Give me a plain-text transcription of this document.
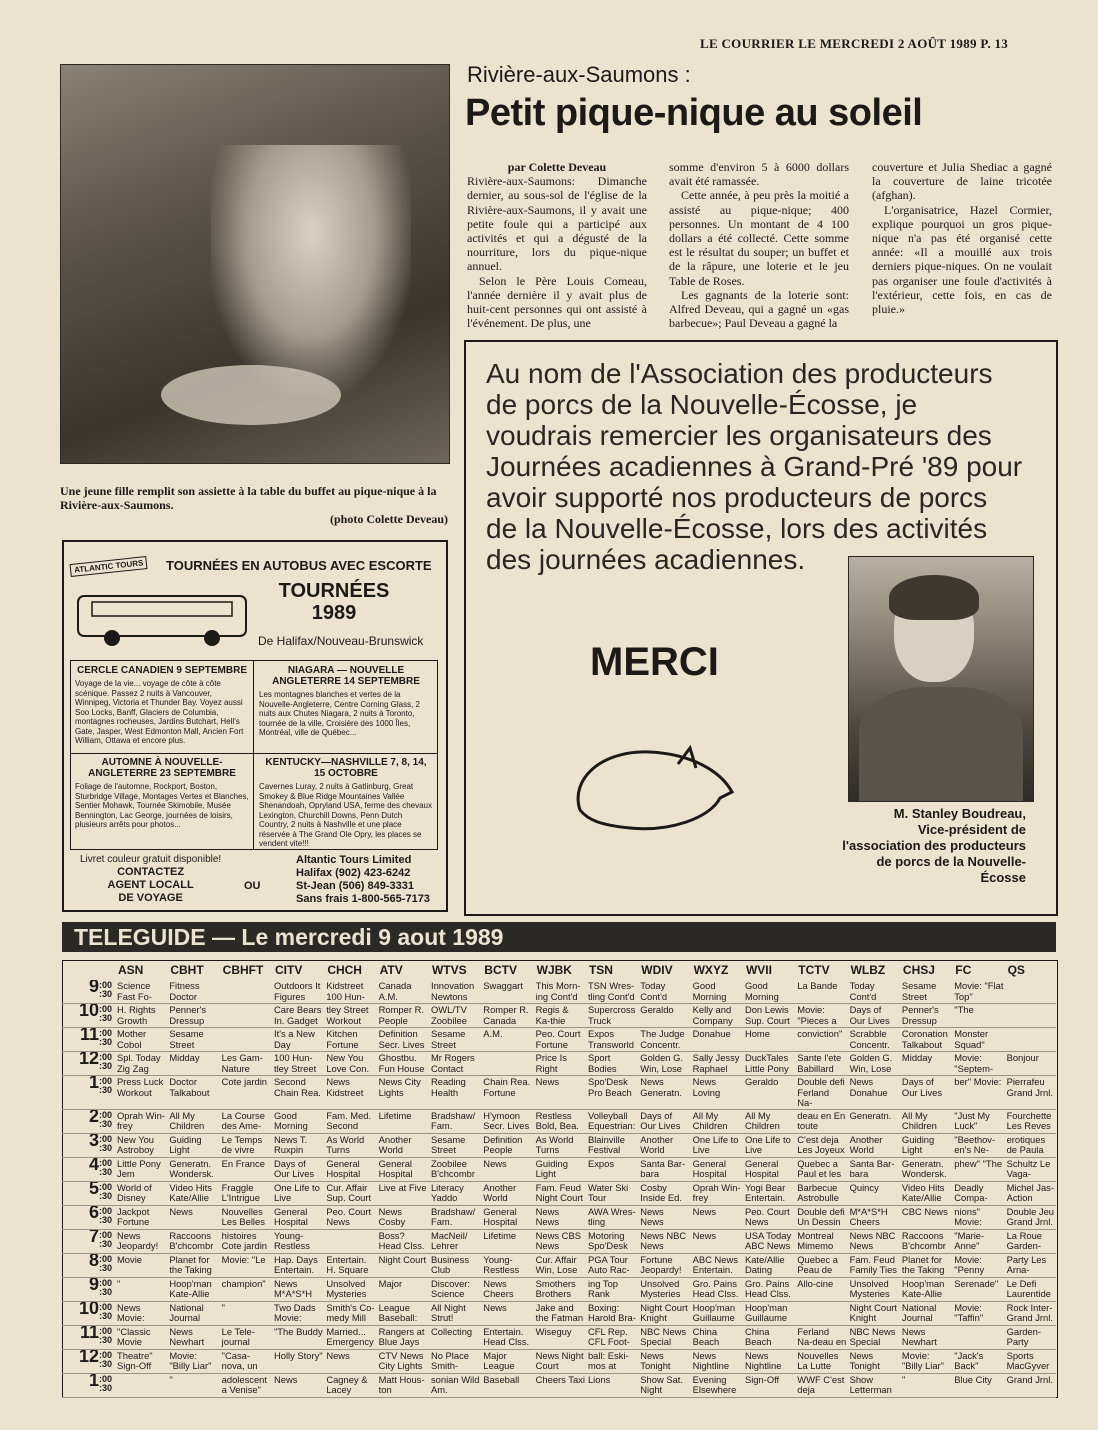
LE COURRIER LE MERCREDI 2 AOÛT 1989 P. 13
Une jeune fille remplit son assiette à la table du buffet au pique-nique à la Rivière-aux-Saumons.
(photo Colette Deveau)
Rivière-aux-Saumons :
Petit pique-nique au soleil

par Colette Deveau

Rivière-aux-Saumons: Dimanche dernier, au sous-sol de l'église de la Rivière-aux-Saumons, il y avait une petite foule qui a participé aux activités et qui a dégusté de la nourriture, lors du pique-nique annuel.

Selon le Père Louis Comeau, l'année dernière il y avait plus de huit-cent personnes qui ont assisté à l'événement. De plus, une

somme d'environ 5 à 6000 dollars avait été ramassée.

Cette année, à peu près la moitié a assisté au pique-nique; 400 personnes. Un montant de 4 100 dollars a été collecté. Cette somme est le résultat du souper; un buffet et de la râpure, une loterie et le jeu Table de Roses.

Les gagnants de la loterie sont: Alfred Deveau, qui a gagné un «gas barbecue»; Paul Deveau a gagné la

couverture et Julia Shediac a gagné la couverture de laine tricotée (afghan).

L'organisatrice, Hazel Cormier, explique pourquoi un gros pique-nique n'a pas été organisé cette année: «Il a mouillé aux trois derniers pique-niques. On ne voulait pas organiser une foule d'activités à l'extérieur, cette fois, en cas de pluie.»

Au nom de l'Association des producteurs de porcs de la Nouvelle-Écosse, je voudrais remercier les organisateurs des Journées acadiennes à Grand-Pré '89 pour avoir supporté nos producteurs de porcs de la Nouvelle-Écosse, lors des activités des journées acadiennes.
MERCI
M. Stanley Boudreau,
Vice-président de l'association des producteurs de porcs de la Nouvelle-Écosse
ATLANTIC TOURS	TOURNÉES EN AUTOBUS AVEC ESCORTE
TOURNÉES 1989
De Halifax/Nouveau-Brunswick
CERCLE CANADIEN 9 SEPTEMBRE
Voyage de la vie... voyage de côte à côte scénique. Passez 2 nuits à Vancouver, Winnipeg, Victoria et Thunder Bay. Voyez aussi Soo Locks, Banff, Glaciers de Columbia, montagnes rocheuses, Jardins Butchart, Hell's Gate, Jasper, West Edmonton Mall, Ancien Fort William, Ottawa et encore plus.
NIAGARA — NOUVELLE ANGLETERRE 14 SEPTEMBRE
Les montagnes blanches et vertes de la Nouvelle-Angleterre, Centre Corning Glass, 2 nuits aux Chutes Niagara, 2 nuits à Toronto, tournée de la ville, Croisière des 1000 Îles, Montréal, ville de Québec...
AUTOMNE À NOUVELLE-ANGLETERRE 23 SEPTEMBRE
Foliage de l'automne, Rockport, Boston, Sturbridge Village, Montages Vertes et Blanches, Sentier Mohawk, Tournée Skimobile, Musée Bennington, Lac George, journées de loisirs, plusieurs arrêts pour photos...
KENTUCKY—NASHVILLE 7, 8, 14, 15 OCTOBRE
Cavernes Luray, 2 nuits à Gatlinburg, Great Smokey & Blue Ridge Mountaines Vallée Shenandoah, Opryland USA, ferme des chevaux Lexington, Churchill Downs, Penn Dutch Country, 2 nuits à Nashville et une place réservée à The Grand Ole Opry, les places se vendent vite!!!
Livret couleur gratuit disponible!
CONTACTEZ
AGENT LOCALL
DE VOYAGE
OU
Altantic Tours Limited
Halifax (902) 423-6242
St-Jean (506) 849-3331
Sans frais 1-800-565-7173
TELEGUIDE — Le mercredi 9 aout 1989
	ASN	CBHT	CBHFT	CITV	CHCH	ATV	WTVS	BCTV	WJBK	TSN	WDIV	WXYZ	WVII	TCTV	WLBZ	CHSJ	FC	QS
9:00
:30	Science Fast Fo-	Fitness Doctor		Outdoors It Figures	Kidstreet 100 Hun-	Canada A.M.	Innovation Newtons	Swaggart	This Morn-ing Cont'd	TSN Wres-tling Cont'd	Today Cont'd	Good Morning	Good Morning	La Bande	Today Cont'd	Sesame Street	Movie: "Flat Top"	
10:00
:30	H. Rights Growth	Penner's Dressup		Care Bears In. Gadget	tley Street Workout	Romper R. People	OWL/TV Zoobilee	Romper R. Canada	Regis & Ka-thie	Supercross Truck	Geraldo	Kelly and Company	Don Lewis Sup. Court	Movie: "Pieces a	Days of Our Lives	Penner's Dressup	"The	
11:00
:30	Mother Cobol	Sesame Street		It's a New Day	Kitchen Fortune	Definition Secr. Lives	Sesame Street	A.M.	Peo. Court Fortune	Expos Transworld	The Judge Concentr.	Donahue	Home	conviction"	Scrabble Concentr.	Coronation Talkabout	Monster Squad"	
12:00
:30	Spl. Today Zig Zag	Midday	Les Gam-Nature	100 Hun-tley Street	New You Love Con.	Ghostbu. Fun House	Mr Rogers Contact		Price Is Right	Sport Bodies	Golden G. Win, Lose	Sally Jessy Raphael	DuckTales Little Pony	Sante l'ete Babillard	Golden G. Win, Lose	Midday	Movie: "Septem-	Bonjour
1:00
:30	Press Luck Workout	Doctor Talkabout	Cote jardin	Second Chain Rea.	News Kidstreet	News City Lights	Reading Health	Chain Rea. Fortune	News	Spo'Desk Pro Beach	News Generatn.	News Loving	Geraldo	Double defi Ferland Na-	News Donahue	Days of Our Lives	ber" Movie:	Pierrafeu Grand Jrnl.
2:00
:30	Oprah Win-frey	All My Children	La Course des Ame-	Good Morning	Fam. Med. Second	Lifetime	Bradshaw/ Fam.	H'ymoon Secr. Lives	Restless Bold, Bea.	Volleyball Equestrian:	Days of Our Lives	All My Children	All My Children	deau en En toute	Generatn.	All My Children	"Just My Luck"	Fourchette Les Reves
3:00
:30	New You Astroboy	Guiding Light	Le Temps de vivre	News T. Ruxpin	As World Turns	Another World	Sesame Street	Definition People	As World Turns	Blainville Festival	Another World	One Life to Live	One Life to Live	C'est deja Les Joyeux	Another World	Guiding Light	"Beethov-en's Ne-	erotiques de Paula
4:00
:30	Little Pony Jem	Generatn. Wondersk.	En France	Days of Our Lives	General Hospital	General Hospital	Zoobilee B'chcombr	News	Guiding Light	Expos	Santa Bar-bara	General Hospital	General Hospital	Quebec a Paul et les	Santa Bar-bara	Generatn. Wondersk.	phew" "The	Schultz Le Vaga-
5:00
:30	World of Disney	Video Hits Kate/Allie	Fraggle L'Intrigue	One Life to Live	Cur. Affair Sup. Court	Live at Five	Literacy Yaddo	Another World	Fam. Feud Night Court	Water Ski Tour	Cosby Inside Ed.	Oprah Win-frey	Yogi Bear Entertain.	Barbecue Astrobulle	Quincy	Video Hits Kate/Allie	Deadly Compa-	Michel Jas-Action
6:00
:30	Jackpot Fortune	News	Nouvelles Les Belles	General Hospital	Peo. Court News	News Cosby	Bradshaw/ Fam.	General Hospital	News News	AWA Wres-tling	News News	News	Peo. Court News	Double defi Un Dessin	M*A*S*H Cheers	CBC News	nions" Movie:	Double Jeu Grand Jrnl.
7:00
:30	News Jeopardy!	Raccoons B'chcombr	histoires Cote jardin	Young-Restless		Boss? Head Clss.	MacNeil/ Lehrer	Lifetime	News CBS News	Motoring Spo'Desk	News NBC News	News	USA Today ABC News	Montreal Mimemo	News NBC News	Raccoons B'chcombr	"Marie-Anne"	La Roue Garden-
8:00
:30	Movie	Planet for the Taking	Movie: "Le	Hap. Days Entertain.	Entertain. H. Square	Night Court	Business Club	Young-Restless	Cur. Affair Win, Lose	PGA Tour Auto Rac-	Fortune Jeopardy!	ABC News Entertain.	Kate/Allie Dating	Quebec a Peau de	Fam. Feud Family Ties	Planet for the Taking	Movie: "Penny	Party Les Arna-
9:00
:30	"	Hoop'man Kate-Allie	champion"	News M*A*S*H	Unsolved Mysteries	Major	Discover: Science	News Cheers	Smothers Brothers	ing Top Rank	Unsolved Mysteries	Gro. Pains Head Clss.	Gro. Pains Head Clss.	Allo-cine	Unsolved Mysteries	Hoop'man Kate-Allie	Serenade"	Le Defi Laurentide
10:00
:30	News Movie:	National Journal	"	Two Dads Movie:	Smith's Co-medy Mill	League Baseball:	All Night Strut!	News	Jake and the Fatman	Boxing: Harold Bra-	Night Court Knight	Hoop'man Guillaume	Hoop'man Guillaume		Night Court Knight	National Journal	Movie: "Taffin"	Rock Inter-Grand Jrnl.
11:00
:30	"Classic Movie	News Newhart	Le Tele-journal	"The Buddy	Married... Emergency	Rangers at Blue Jays	Collecting	Entertain. Head Clss.	Wiseguy	CFL Rep. CFL Foot-	NBC News Special	China Beach	China Beach	Ferland Na-deau en	NBC News Special	News Newhart		Garden-Party
12:00
:30	Theatre" Sign-Off	Movie: "Billy Liar"	"Casa-nova, un	Holly Story"	News	CTV News City Lights	No Place Smith-	Major League	News Night Court	ball: Eski-mos at	News Tonight	News Nightline	News Nightline	Nouvelles La Lutte	News Tonight	Movie: "Billy Liar"	"Jack's Back"	Sports MacGyver
1:00
:30		"	adolescent a Venise"	News	Cagney & Lacey	Matt Hous-ton	sonian Wild Am.	Baseball	Cheers Taxi	Lions	Show Sat. Night	Evening Elsewhere	Sign-Off	WWF C'est deja	Show Letterman	"	Blue City	Grand Jrnl.
